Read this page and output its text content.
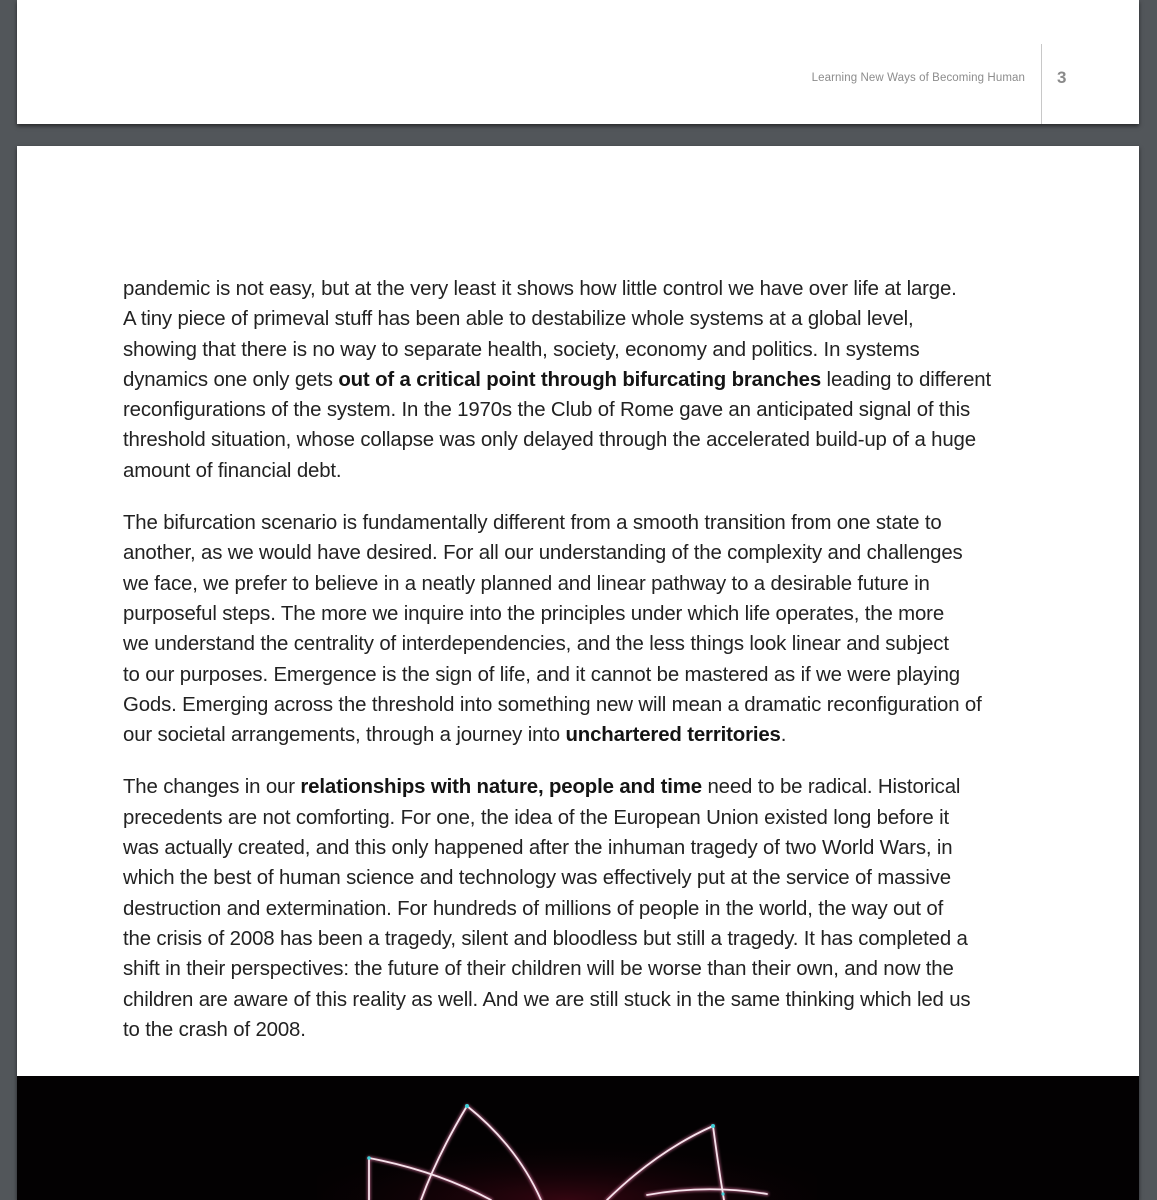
Learning New Ways of Becoming Human 3

pandemic is not easy, but at the very least it shows how little control we have over life at large.
A tiny piece of primeval stuff has been able to destabilize whole systems at a global level,
showing that there is no way to separate health, society, economy and politics. In systems
dynamics one only gets out of a critical point through bifurcating branches leading to different
reconfigurations of the system. In the 1970s the Club of Rome gave an anticipated signal of this
threshold situation, whose collapse was only delayed through the accelerated build-up of a huge
amount of financial debt.

The bifurcation scenario is fundamentally different from a smooth transition from one state to
another, as we would have desired. For all our understanding of the complexity and challenges
we face, we prefer to believe in a neatly planned and linear pathway to a desirable future in
purposeful steps. The more we inquire into the principles under which life operates, the more
we understand the centrality of interdependencies, and the less things look linear and subject
to our purposes. Emergence is the sign of life, and it cannot be mastered as if we were playing
Gods. Emerging across the threshold into something new will mean a dramatic reconfiguration of
our societal arrangements, through a journey into unchartered territories.

The changes in our relationships with nature, people and time need to be radical. Historical
precedents are not comforting. For one, the idea of the European Union existed long before it
was actually created, and this only happened after the inhuman tragedy of two World Wars, in
which the best of human science and technology was effectively put at the service of massive
destruction and extermination. For hundreds of millions of people in the world, the way out of
the crisis of 2008 has been a tragedy, silent and bloodless but still a tragedy. It has completed a
shift in their perspectives: the future of their children will be worse than their own, and now the
children are aware of this reality as well. And we are still stuck in the same thinking which led us
to the crash of 2008.
